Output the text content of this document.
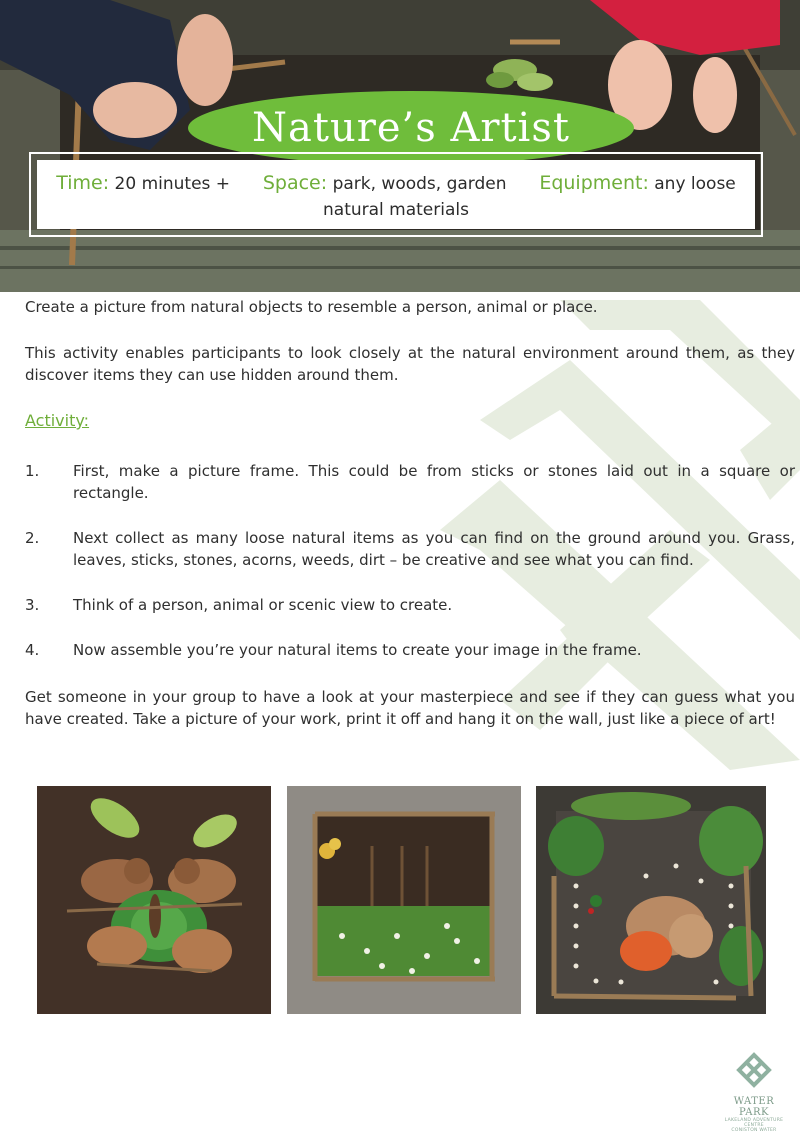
Nature’s Artist
Time: 20 minutes + Space: park, woods, garden Equipment: any loose natural materials

Create a picture from natural objects to resemble a person, animal or place.

This activity enables participants to look closely at the natural environment around them, as they discover items they can use hidden around them.

Activity:
1. First, make a picture frame. This could be from sticks or stones laid out in a square or rectangle.
2. Next collect as many loose natural items as you can find on the ground around you. Grass, leaves, sticks, stones, acorns, weeds, dirt – be creative and see what you can find.
3. Think of a person, animal or scenic view to create.
4. Now assemble you’re your natural items to create your image in the frame.

Get someone in your group to have a look at your masterpiece and see if they can guess what you have created. Take a picture of your work, print it off and hang it on the wall, just like a piece of art!

WATER PARK
LAKELAND ADVENTURE CENTRE
CONISTON WATER
